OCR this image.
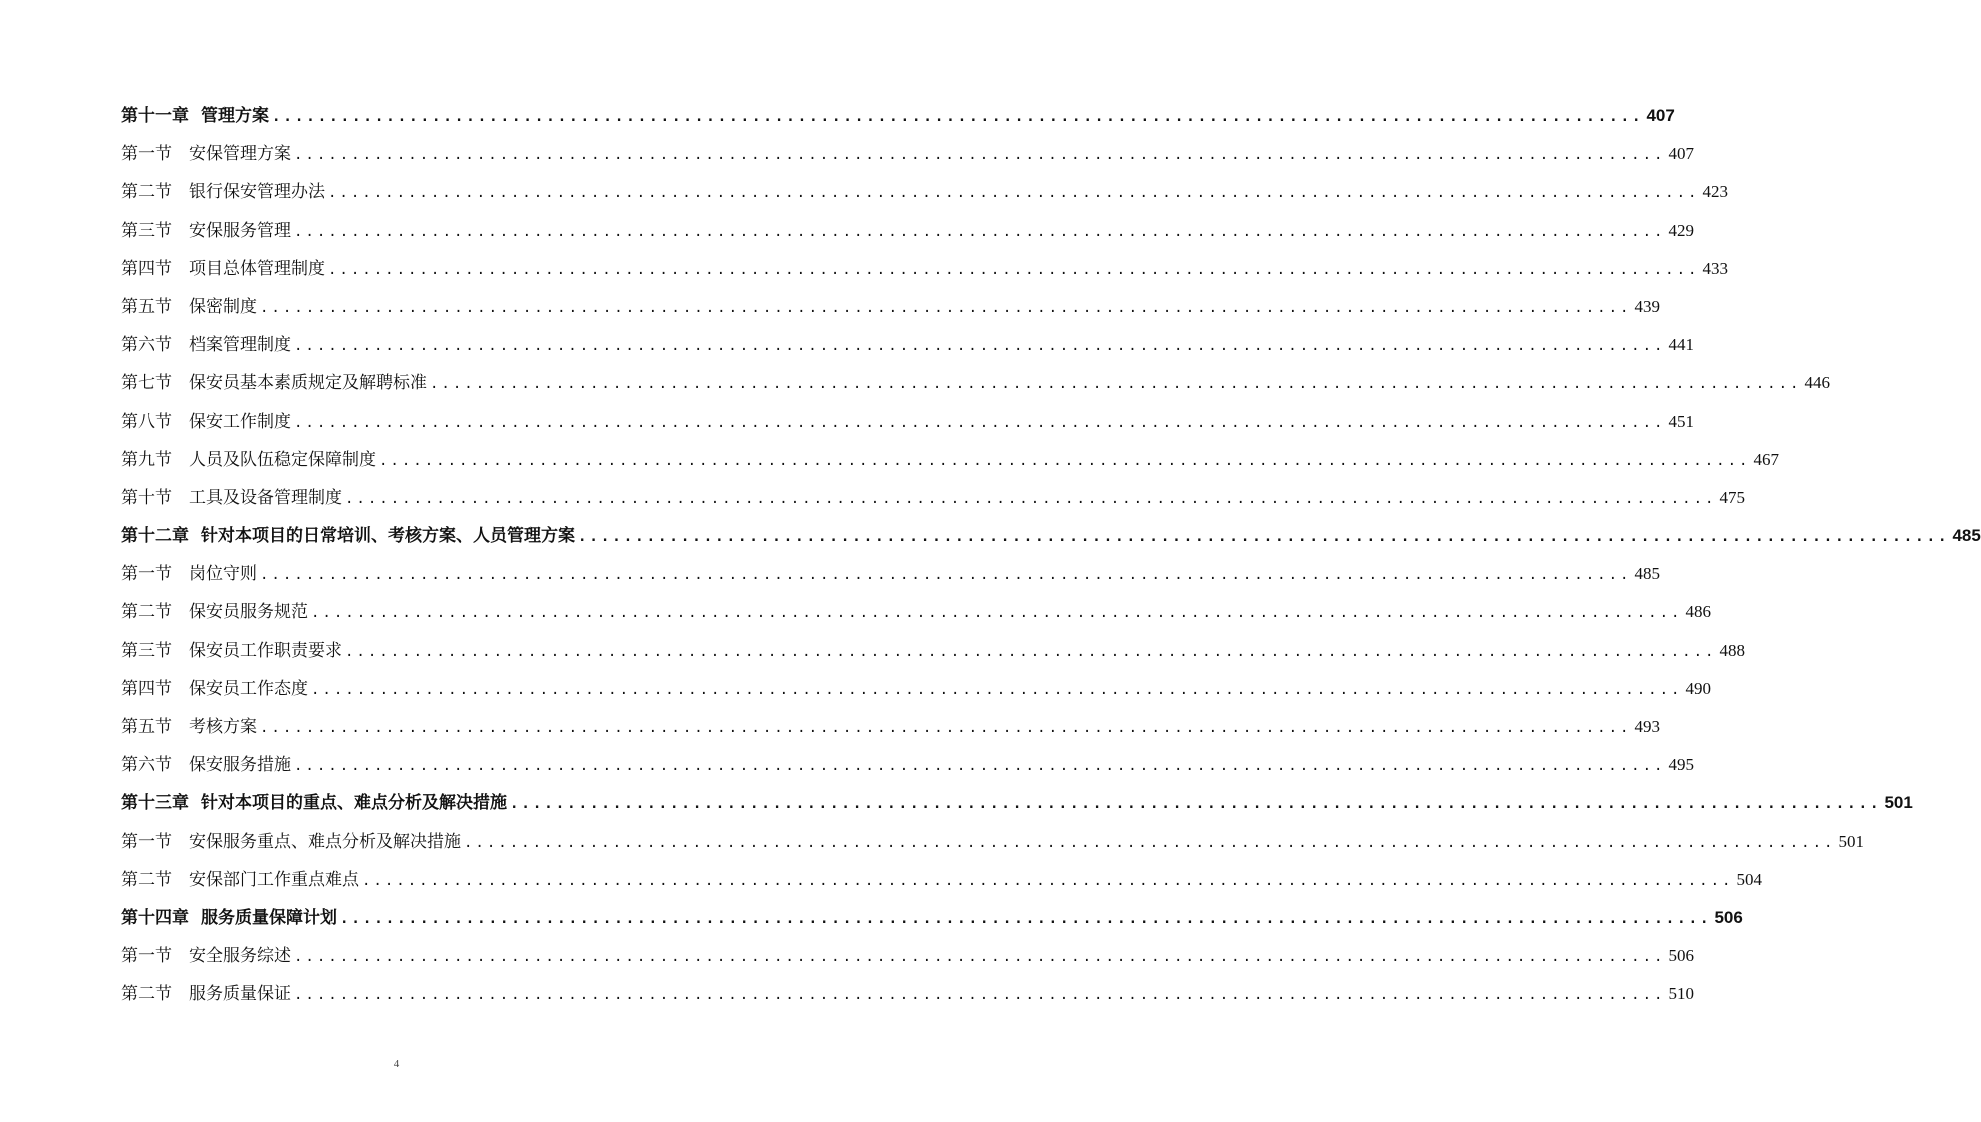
第十一章 管理方案 ........................................................................................................................ 407
第一节 安保管理方案 ........................................................................................................................ 407
第二节 银行保安管理办法 ........................................................................................................................ 423
第三节 安保服务管理 ........................................................................................................................ 429
第四节 项目总体管理制度 ........................................................................................................................ 433
第五节 保密制度 ........................................................................................................................ 439
第六节 档案管理制度 ........................................................................................................................ 441
第七节 保安员基本素质规定及解聘标准 ........................................................................................................................ 446
第八节 保安工作制度 ........................................................................................................................ 451
第九节 人员及队伍稳定保障制度 ........................................................................................................................ 467
第十节 工具及设备管理制度 ........................................................................................................................ 475
第十二章 针对本项目的日常培训、考核方案、人员管理方案 ........................................................................................................................ 485
第一节 岗位守则 ........................................................................................................................ 485
第二节 保安员服务规范 ........................................................................................................................ 486
第三节 保安员工作职责要求 ........................................................................................................................ 488
第四节 保安员工作态度 ........................................................................................................................ 490
第五节 考核方案 ........................................................................................................................ 493
第六节 保安服务措施 ........................................................................................................................ 495
第十三章 针对本项目的重点、难点分析及解决措施 ........................................................................................................................ 501
第一节 安保服务重点、难点分析及解决措施 ........................................................................................................................ 501
第二节 安保部门工作重点难点 ........................................................................................................................ 504
第十四章 服务质量保障计划 ........................................................................................................................ 506
第一节 安全服务综述 ........................................................................................................................ 506
第二节 服务质量保证 ........................................................................................................................ 510
4
